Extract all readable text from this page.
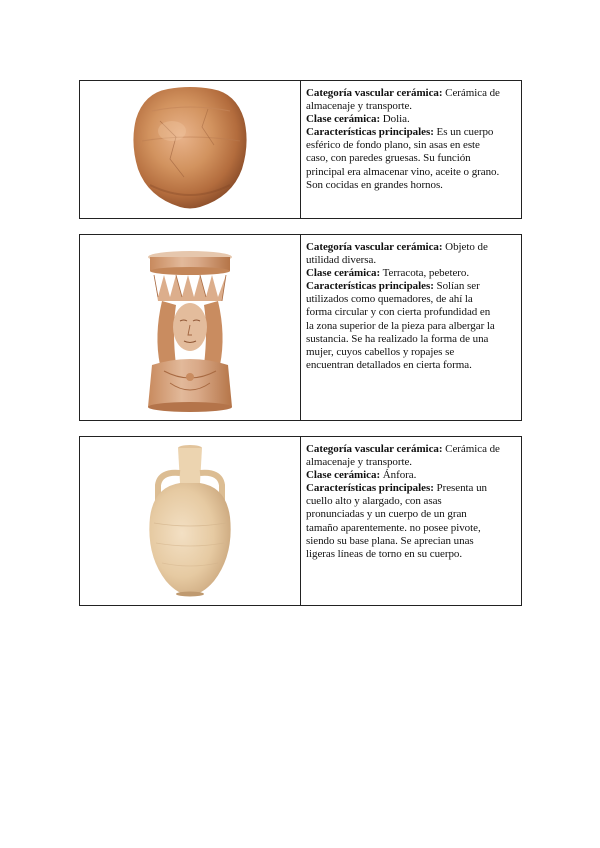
Categoría vascular cerámica: Cerámica de
almacenaje y transporte.
Clase cerámica: Dolia.
Características principales: Es un cuerpo
esférico de fondo plano, sin asas en este
caso, con paredes gruesas. Su función
principal era almacenar vino, aceite o grano.
Son cocidas en grandes hornos.
Categoría vascular cerámica: Objeto de
utilidad diversa.
Clase cerámica: Terracota, pebetero.
Características principales: Solían ser
utilizados como quemadores, de ahí la
forma circular y con cierta profundidad en
la zona superior de la pieza para albergar la
sustancia. Se ha realizado la forma de una
mujer, cuyos cabellos y ropajes se
encuentran detallados en cierta forma.
Categoría vascular cerámica: Cerámica de
almacenaje y transporte.
Clase cerámica: Ánfora.
Características principales: Presenta un
cuello alto y alargado, con asas
pronunciadas y un cuerpo de un gran
tamaño aparentemente. no posee pivote,
siendo su base plana. Se aprecian unas
ligeras líneas de torno en su cuerpo.
